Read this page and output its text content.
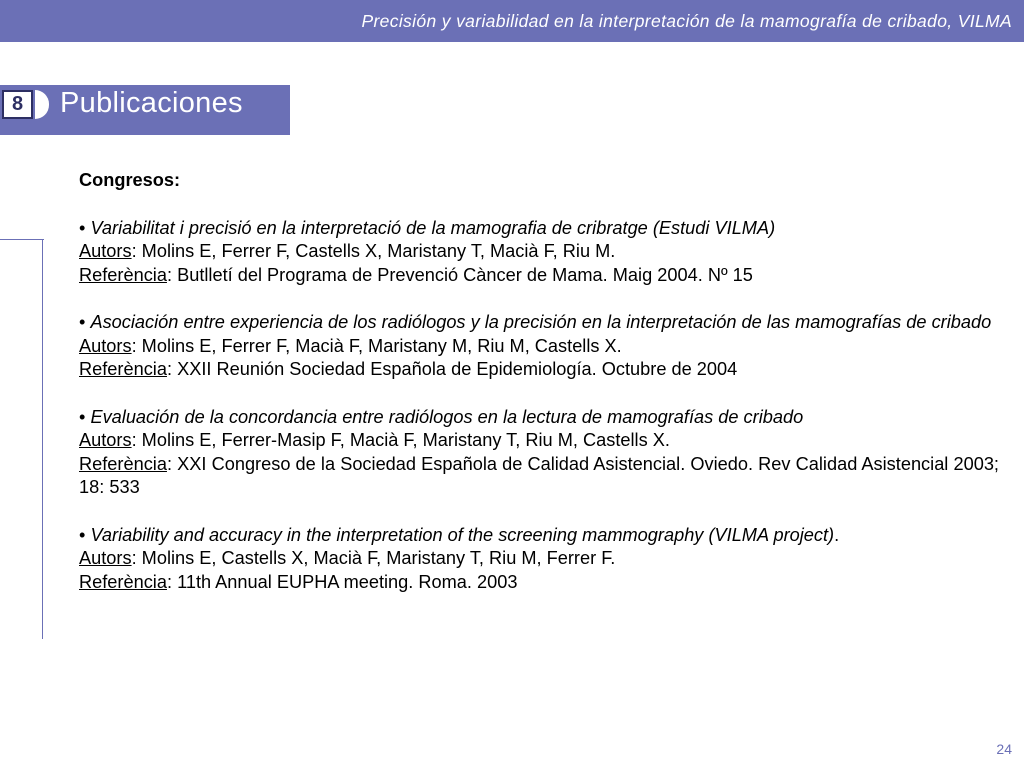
Precisión y variabilidad en la interpretación de la mamografía de cribado, VILMA
8	Publicaciones
Congresos:

• Variabilitat i precisió en la interpretació de la mamografia de cribratge (Estudi VILMA)

Autors: Molins E, Ferrer F, Castells X, Maristany T, Macià F, Riu M.

Referència: Butlletí del Programa de Prevenció Càncer de Mama. Maig 2004. Nº 15

• Asociación entre experiencia de los radiólogos y la precisión en la interpretación de las mamografías de cribado

Autors: Molins E, Ferrer F, Macià F, Maristany M, Riu M, Castells X.

Referència: XXII Reunión Sociedad Española de Epidemiología. Octubre de 2004

• Evaluación de la concordancia entre radiólogos en la lectura de mamografías de cribado

Autors: Molins E, Ferrer-Masip F, Macià F, Maristany T, Riu M, Castells X.

Referència: XXI Congreso de la Sociedad Española de Calidad Asistencial. Oviedo. Rev Calidad Asistencial 2003; 18: 533

• Variability and accuracy in the interpretation of the screening mammography (VILMA project).

Autors: Molins E, Castells X, Macià F, Maristany T, Riu M, Ferrer F.

Referència: 11th Annual EUPHA meeting. Roma. 2003

24
